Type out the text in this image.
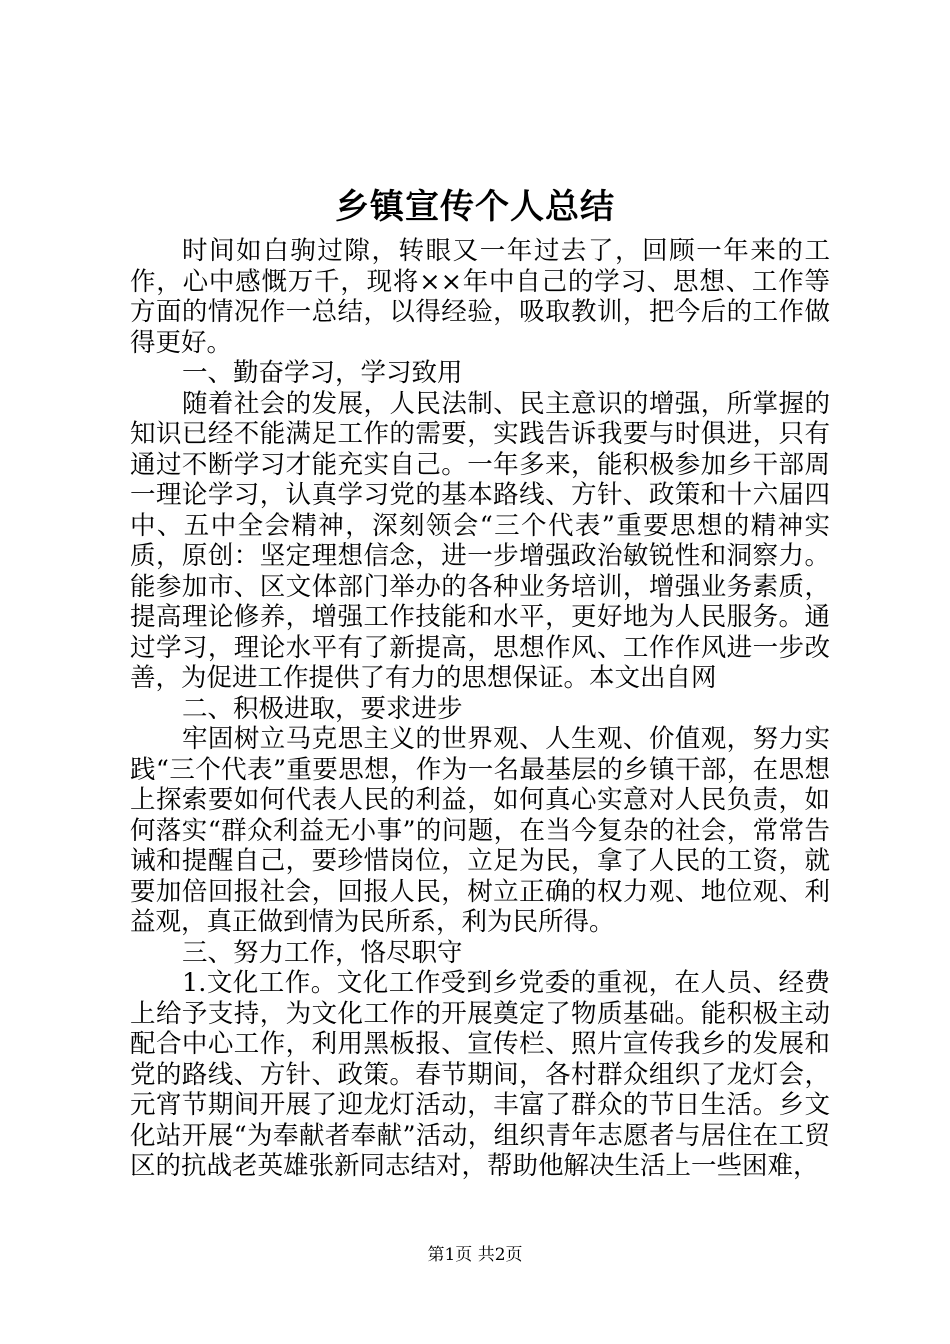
乡镇宣传个人总结

时间如白驹过隙，转眼又一年过去了，回顾一年来的工作，心中感慨万千，现将××年中自己的学习、思想、工作等方面的情况作一总结，以得经验，吸取教训，把今后的工作做得更好。

一、勤奋学习，学习致用

随着社会的发展，人民法制、民主意识的增强，所掌握的知识已经不能满足工作的需要，实践告诉我要与时俱进，只有通过不断学习才能充实自己。一年多来，能积极参加乡干部周一理论学习，认真学习党的基本路线、方针、政策和十六届四中、五中全会精神，深刻领会“三个代表”重要思想的精神实质，原创：坚定理想信念，进一步增强政治敏锐性和洞察力。能参加市、区文体部门举办的各种业务培训，增强业务素质，提高理论修养，增强工作技能和水平，更好地为人民服务。通过学习，理论水平有了新提高，思想作风、工作作风进一步改善，为促进工作提供了有力的思想保证。本文出自网

二、积极进取，要求进步

牢固树立马克思主义的世界观、人生观、价值观，努力实践“三个代表”重要思想，作为一名最基层的乡镇干部，在思想上探索要如何代表人民的利益，如何真心实意对人民负责，如何落实“群众利益无小事”的问题，在当今复杂的社会，常常告诫和提醒自己，要珍惜岗位，立足为民，拿了人民的工资，就要加倍回报社会，回报人民，树立正确的权力观、地位观、利益观，真正做到情为民所系，利为民所得。

三、努力工作，恪尽职守

1.文化工作。文化工作受到乡党委的重视，在人员、经费上给予支持，为文化工作的开展奠定了物质基础。能积极主动配合中心工作，利用黑板报、宣传栏、照片宣传我乡的发展和党的路线、方针、政策。春节期间，各村群众组织了龙灯会，元宵节期间开展了迎龙灯活动，丰富了群众的节日生活。乡文化站开展“为奉献者奉献”活动，组织青年志愿者与居住在工贸区的抗战老英雄张新同志结对，帮助他解决生活上一些困难，

第1页 共2页
